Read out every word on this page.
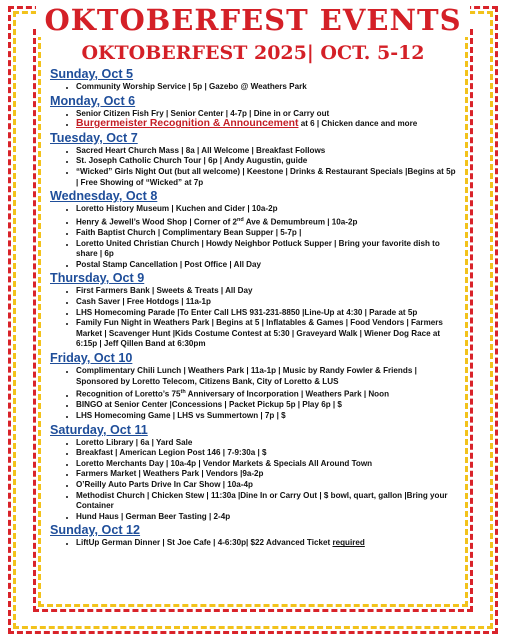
OKTOBERFEST EVENTS
OKTOBERFEST 2025| OCT. 5-12

Sunday, Oct 5

• Community Worship Service | 5p | Gazebo @ Weathers Park

Monday, Oct 6

• Senior Citizen Fish Fry | Senior Center | 4-7p | Dine in or Carry out
• Burgermeister Recognition & Announcement at 6 | Chicken dance and more

Tuesday, Oct 7

• Sacred Heart Church Mass | 8a | All Welcome | Breakfast Follows
• St. Joseph Catholic Church Tour | 6p | Andy Augustin, guide
• “Wicked” Girls Night Out (but all welcome) | Keestone | Drinks & Restaurant Specials |Begins at 5p | Free Showing of “Wicked” at 7p

Wednesday, Oct 8

• Loretto History Museum | Kuchen and Cider | 10a-2p
• Henry & Jewell’s Wood Shop | Corner of 2nd Ave & Demumbreum | 10a-2p
• Faith Baptist Church | Complimentary Bean Supper | 5-7p |
• Loretto United Christian Church | Howdy Neighbor Potluck Supper | Bring your favorite dish to share | 6p
• Postal Stamp Cancellation | Post Office | All Day

Thursday, Oct 9

• First Farmers Bank | Sweets & Treats | All Day
• Cash Saver | Free Hotdogs | 11a-1p
• LHS Homecoming Parade |To Enter Call LHS 931-231-8850 |Line-Up at 4:30 | Parade at 5p
• Family Fun Night in Weathers Park | Begins at 5 | Inflatables & Games | Food Vendors | Farmers Market | Scavenger Hunt |Kids Costume Contest at 5:30 | Graveyard Walk | Wiener Dog Race at 6:15p | Jeff Qillen Band at 6:30pm

Friday, Oct 10

• Complimentary Chili Lunch | Weathers Park | 11a-1p | Music by Randy Fowler & Friends | Sponsored by Loretto Telecom, Citizens Bank, City of Loretto & LUS
• Recognition of Loretto’s 75th Anniversary of Incorporation | Weathers Park | Noon
• BINGO at Senior Center |Concessions | Packet Pickup 5p | Play 6p | $
• LHS Homecoming Game | LHS vs Summertown | 7p | $

Saturday, Oct 11

• Loretto Library | 6a | Yard Sale
• Breakfast | American Legion Post 146 | 7-9:30a | $
• Loretto Merchants Day | 10a-4p | Vendor Markets & Specials All Around Town
• Farmers Market | Weathers Park | Vendors |9a-2p
• O’Reilly Auto Parts Drive In Car Show | 10a-4p
• Methodist Church | Chicken Stew | 11:30a |Dine In or Carry Out | $ bowl, quart, gallon |Bring your Container
• Hund Haus | German Beer Tasting | 2-4p

Sunday, Oct 12

• LiftUp German Dinner | St Joe Cafe | 4-6:30p| $22 Advanced Ticket required
